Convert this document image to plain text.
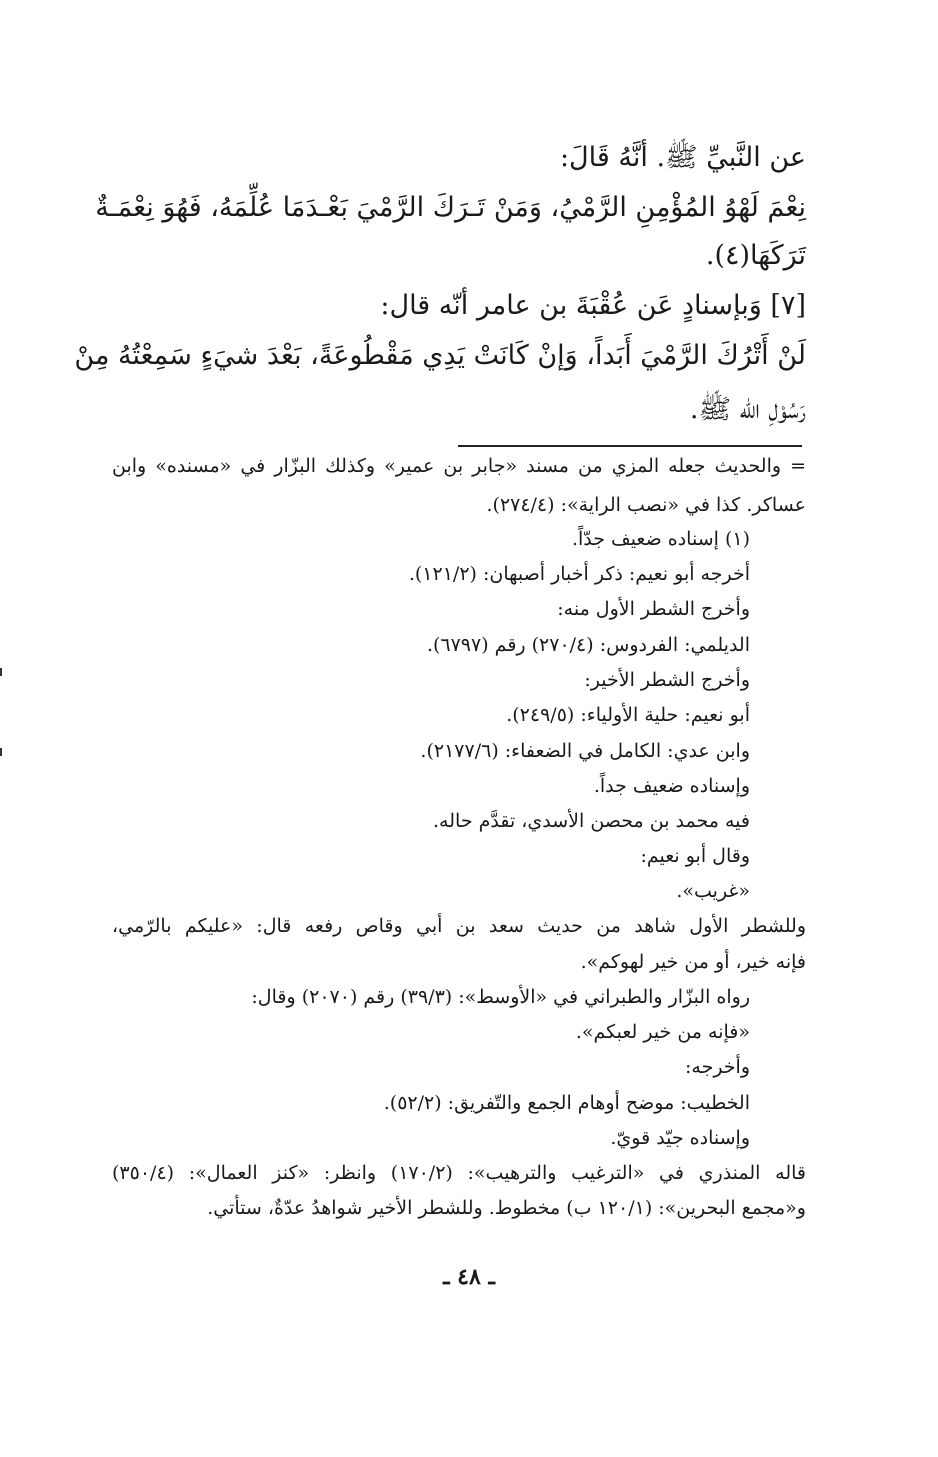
عن النَّبيِّ ﷺ. أنَّهُ قَالَ:
نِعْمَ لَهْوُ المُؤْمِنِ الرَّمْيُ، وَمَنْ تَـرَكَ الرَّمْيَ بَعْـدَمَا عُلِّمَهُ، فَهُوَ نِعْمَـةٌ
تَرَكَهَا(٤).
[٧] وَبإسنادٍ عَن عُقْبَةَ بن عامر أنّه قال:
لَنْ أَتْرُكَ الرَّمْيَ أَبَداً، وَإنْ كَانَتْ يَدِي مَقْطُوعَةً، بَعْدَ شيَءٍ سَمِعْتُهُ مِنْ
رَسُوْلِ الله ﷺ.
= والحديث جعله المزي من مسند «جابر بن عمير» وكذلك البزّار في «مسنده» وابن
عساكر. كذا في «نصب الراية»: (٢٧٤/٤).
(١) إسناده ضعيف جدّاً.
أخرجه أبو نعيم: ذكر أخبار أصبهان: (١٢١/٢).
وأخرج الشطر الأول منه:
الديلمي: الفردوس: (٢٧٠/٤) رقم (٦٧٩٧).
وأخرج الشطر الأخير:
أبو نعيم: حلية الأولياء: (٢٤٩/٥).
وابن عدي: الكامل في الضعفاء: (٢١٧٧/٦).
وإسناده ضعيف جداً.
فيه محمد بن محصن الأسدي، تقدَّم حاله.
وقال أبو نعيم:
«غريب».
وللشطر الأول شاهد من حديث سعد بن أبي وقاص رفعه قال: «عليكم بالرّمي،
فإنه خير، أو من خير لهوكم».
رواه البزّار والطبراني في «الأوسط»: (٣٩/٣) رقم (٢٠٧٠) وقال:
«فإنه من خير لعبكم».
وأخرجه:
الخطيب: موضح أوهام الجمع والتّفريق: (٥٢/٢).
وإسناده جيّد قويّ.
قاله المنذري في «الترغيب والترهيب»: (١٧٠/٢) وانظر: «كنز العمال»: (٣٥٠/٤)
و«مجمع البحرين»: (١٢٠/١ ب) مخطوط. وللشطر الأخير شواهدُ عدّةٌ، ستأتي.
ـ ٤٨ ـ
